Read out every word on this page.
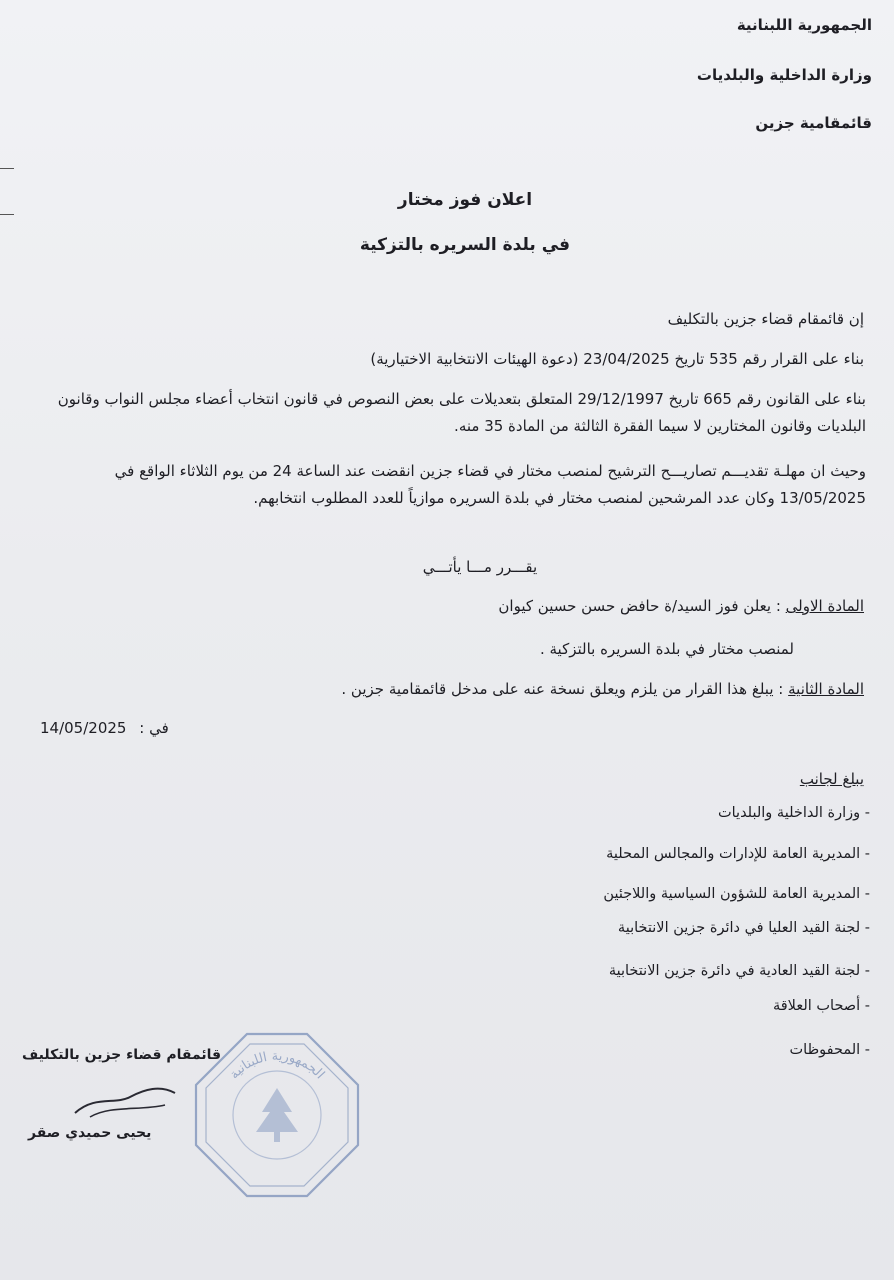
الجمهورية اللبنانية
وزارة الداخلية والبلديات
قائمقامية جزين
اعلان فوز مختار
في بلدة السريره بالتزكية
إن قائمقام قضاء جزين بالتكليف
بناء على القرار رقم 535 تاريخ 23/04/2025 (دعوة الهيئات الانتخابية الاختيارية)
بناء على القانون رقم 665 تاريخ 29/12/1997 المتعلق بتعديلات على بعض النصوص في قانون انتخاب أعضاء مجلس النواب وقانون
البلديات وقانون المختارين لا سيما الفقرة الثالثة من المادة 35 منه.
وحيث ان مهلـة تقديـــم تصاريـــح الترشيح لمنصب مختار في قضاء جزين انقضت عند الساعة 24 من يوم الثلاثاء الواقع في
13/05/2025 وكان عدد المرشحين لمنصب مختار في بلدة السريره موازياً للعدد المطلوب انتخابهم.
يقـــرر مـــا يأتـــي
المادة الاولى : يعلن فوز السيد/ة حافض حسن حسين كيوان
لمنصب مختار في بلدة السريره بالتزكية .
المادة الثانية : يبلغ هذا القرار من يلزم ويعلق نسخة عنه على مدخل قائمقامية جزين .
14/05/2025 في :
يبلغ لجانب
- وزارة الداخلية والبلديات
- المديرية العامة للإدارات والمجالس المحلية
- المديرية العامة للشؤون السياسية واللاجئين
- لجنة القيد العليا في دائرة جزين الانتخابية
- لجنة القيد العادية في دائرة جزين الانتخابية
- أصحاب العلاقة
- المحفوظات
الجمهورية اللبنانية
قائمقام قضاء جزين بالتكليف
يحيى حميدي صقر
